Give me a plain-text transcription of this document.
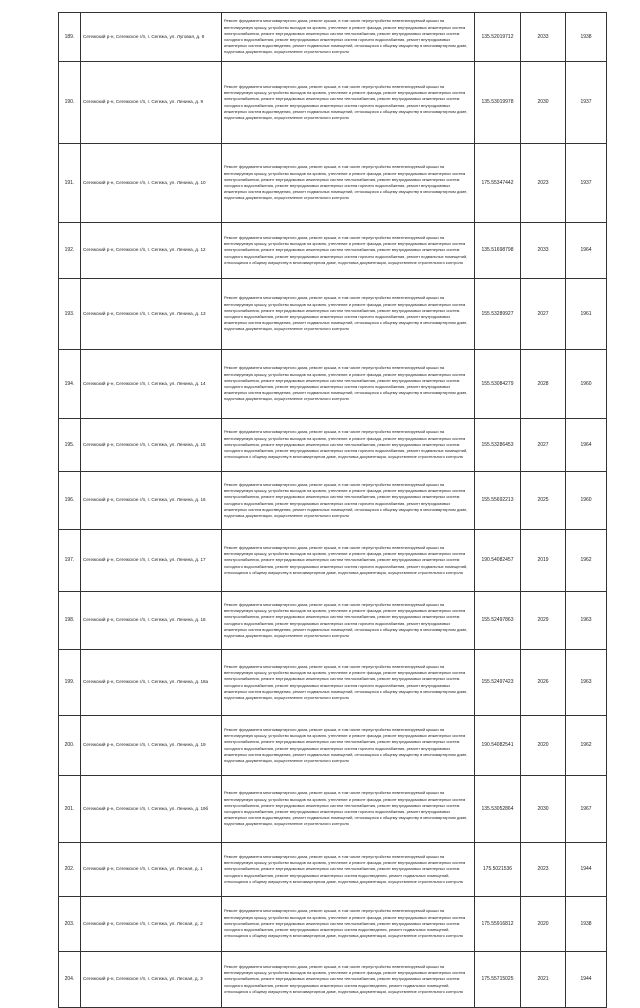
189.	Сегежский р-н, Сегежское г/п, г. Сегежа, ул. Луговая, д. 8	Ремонт фундамента многоквартирного дома, ремонт крыши, в том числе переустройство невентилируемой крыши на вентилируемую крышу, устройство выходов на кровлю, утепление и ремонт фасада, ремонт внутридомовых инженерных систем электроснабжения, ремонт внутридомовых инженерных систем теплоснабжения, ремонт внутридомовых инженерных систем холодного водоснабжения, ремонт внутридомовых инженерных систем горячего водоснабжения, ремонт внутридомовых инженерных систем водоотведения, ремонт подвальных помещений, относящихся к общему имуществу в многоквартирном доме, подготовка документации, осуществление строительного контроля	135.52019712	2033	1938
190.	Сегежский р-н, Сегежское г/п, г. Сегежа, ул. Ленина, д. 9	Ремонт фундамента многоквартирного дома, ремонт крыши, в том числе переустройство невентилируемой крыши на вентилируемую крышу, устройство выходов на кровлю, утепление и ремонт фасада, ремонт внутридомовых инженерных систем электроснабжения, ремонт внутридомовых инженерных систем теплоснабжения, ремонт внутридомовых инженерных систем холодного водоснабжения, ремонт внутридомовых инженерных систем горячего водоснабжения, ремонт внутридомовых инженерных систем водоотведения, ремонт подвальных помещений, относящихся к общему имуществу в многоквартирном доме, подготовка документации, осуществление строительного контроля	135.53019978	2030	1937
191.	Сегежский р-н, Сегежское г/п, г. Сегежа, ул. Ленина, д. 10	Ремонт фундамента многоквартирного дома, ремонт крыши, в том числе переустройство невентилируемой крыши на вентилируемую крышу, устройство выходов на кровлю, утепление и ремонт фасада, ремонт внутридомовых инженерных систем электроснабжения, ремонт внутридомовых инженерных систем теплоснабжения, ремонт внутридомовых инженерных систем холодного водоснабжения, ремонт внутридомовых инженерных систем горячего водоснабжения, ремонт внутридомовых инженерных систем водоотведения, ремонт подвальных помещений, относящихся к общему имуществу в многоквартирном доме, подготовка документации, осуществление строительного контроля	175.55347442	2023	1937
192.	Сегежский р-н, Сегежское г/п, г. Сегежа, ул. Ленина, д. 12	Ремонт фундамента многоквартирного дома, ремонт крыши, в том числе переустройство невентилируемой крыши на вентилируемую крышу, устройство выходов на кровлю, утепление и ремонт фасада, ремонт внутридомовых инженерных систем электроснабжения, ремонт внутридомовых инженерных систем теплоснабжения, ремонт внутридомовых инженерных систем холодного водоснабжения, ремонт внутридомовых инженерных систем горячего водоснабжения, ремонт подвальных помещений, относящихся к общему имуществу в многоквартирном доме, подготовка документации, осуществление строительного контроля	135.51698798	2033	1964
193.	Сегежский р-н, Сегежское г/п, г. Сегежа, ул. Ленина, д. 13	Ремонт фундамента многоквартирного дома, ремонт крыши, в том числе переустройство невентилируемой крыши на вентилируемую крышу, устройство выходов на кровлю, утепление и ремонт фасада, ремонт внутридомовых инженерных систем электроснабжения, ремонт внутридомовых инженерных систем теплоснабжения, ремонт внутридомовых инженерных систем холодного водоснабжения, ремонт внутридомовых инженерных систем горячего водоснабжения, ремонт внутридомовых инженерных систем водоотведения, ремонт подвальных помещений, относящихся к общему имуществу в многоквартирном доме, подготовка документации, осуществление строительного контроля	155.53289927	2027	1961
194.	Сегежский р-н, Сегежское г/п, г. Сегежа, ул. Ленина, д. 14	Ремонт фундамента многоквартирного дома, ремонт крыши, в том числе переустройство невентилируемой крыши на вентилируемую крышу, устройство выходов на кровлю, утепление и ремонт фасада, ремонт внутридомовых инженерных систем электроснабжения, ремонт внутридомовых инженерных систем теплоснабжения, ремонт внутридомовых инженерных систем холодного водоснабжения, ремонт внутридомовых инженерных систем горячего водоснабжения, ремонт внутридомовых инженерных систем водоотведения, ремонт подвальных помещений, относящихся к общему имуществу в многоквартирном доме, подготовка документации, осуществление строительного контроля	155.53084279	2028	1960
195.	Сегежский р-н, Сегежское г/п, г. Сегежа, ул. Ленина, д. 15	Ремонт фундамента многоквартирного дома, ремонт крыши, в том числе переустройство невентилируемой крыши на вентилируемую крышу, устройство выходов на кровлю, утепление и ремонт фасада, ремонт внутридомовых инженерных систем электроснабжения, ремонт внутридомовых инженерных систем теплоснабжения, ремонт внутридомовых инженерных систем холодного водоснабжения, ремонт внутридомовых инженерных систем горячего водоснабжения, ремонт подвальных помещений, относящихся к общему имуществу в многоквартирном доме, подготовка документации, осуществление строительного контроля	155.53286453	2027	1964
196.	Сегежский р-н, Сегежское г/п, г. Сегежа, ул. Ленина, д. 16	Ремонт фундамента многоквартирного дома, ремонт крыши, в том числе переустройство невентилируемой крыши на вентилируемую крышу, устройство выходов на кровлю, утепление и ремонт фасада, ремонт внутридомовых инженерных систем электроснабжения, ремонт внутридомовых инженерных систем теплоснабжения, ремонт внутридомовых инженерных систем холодного водоснабжения, ремонт внутридомовых инженерных систем горячего водоснабжения, ремонт внутридомовых инженерных систем водоотведения, ремонт подвальных помещений, относящихся к общему имуществу в многоквартирном доме, подготовка документации, осуществление строительного контроля	155.55692213	2025	1960
197.	Сегежский р-н, Сегежское г/п, г. Сегежа, ул. Ленина, д. 17	Ремонт фундамента многоквартирного дома, ремонт крыши, в том числе переустройство невентилируемой крыши на вентилируемую крышу, устройство выходов на кровлю, утепление и ремонт фасада, ремонт внутридомовых инженерных систем электроснабжения, ремонт внутридомовых инженерных систем теплоснабжения, ремонт внутридомовых инженерных систем холодного водоснабжения, ремонт внутридомовых инженерных систем горячего водоснабжения, ремонт подвальных помещений, относящихся к общему имуществу в многоквартирном доме, подготовка документации, осуществление строительного контроля	190.54082457	2019	1962
198.	Сегежский р-н, Сегежское г/п, г. Сегежа, ул. Ленина, д. 18	Ремонт фундамента многоквартирного дома, ремонт крыши, в том числе переустройство невентилируемой крыши на вентилируемую крышу, устройство выходов на кровлю, утепление и ремонт фасада, ремонт внутридомовых инженерных систем электроснабжения, ремонт внутридомовых инженерных систем теплоснабжения, ремонт внутридомовых инженерных систем холодного водоснабжения, ремонт внутридомовых инженерных систем горячего водоснабжения, ремонт внутридомовых инженерных систем водоотведения, ремонт подвальных помещений, относящихся к общему имуществу в многоквартирном доме, подготовка документации, осуществление строительного контроля	155.52497863	2029	1963
199.	Сегежский р-н, Сегежское г/п, г. Сегежа, ул. Ленина, д. 18а	Ремонт фундамента многоквартирного дома, ремонт крыши, в том числе переустройство невентилируемой крыши на вентилируемую крышу, устройство выходов на кровлю, утепление и ремонт фасада, ремонт внутридомовых инженерных систем электроснабжения, ремонт внутридомовых инженерных систем теплоснабжения, ремонт внутридомовых инженерных систем холодного водоснабжения, ремонт внутридомовых инженерных систем горячего водоснабжения, ремонт внутридомовых инженерных систем водоотведения, ремонт подвальных помещений, относящихся к общему имуществу в многоквартирном доме, подготовка документации, осуществление строительного контроля	155.52497423	2026	1963
200.	Сегежский р-н, Сегежское г/п, г. Сегежа, ул. Ленина, д. 19	Ремонт фундамента многоквартирного дома, ремонт крыши, в том числе переустройство невентилируемой крыши на вентилируемую крышу, устройство выходов на кровлю, утепление и ремонт фасада, ремонт внутридомовых инженерных систем электроснабжения, ремонт внутридомовых инженерных систем теплоснабжения, ремонт внутридомовых инженерных систем холодного водоснабжения, ремонт внутридомовых инженерных систем горячего водоснабжения, ремонт внутридомовых инженерных систем водоотведения, ремонт подвальных помещений, относящихся к общему имуществу в многоквартирном доме, подготовка документации, осуществление строительного контроля	190.54082541	2020	1962
201.	Сегежский р-н, Сегежское г/п, г. Сегежа, ул. Ленина, д. 19б	Ремонт фундамента многоквартирного дома, ремонт крыши, в том числе переустройство невентилируемой крыши на вентилируемую крышу, устройство выходов на кровлю, утепление и ремонт фасада, ремонт внутридомовых инженерных систем электроснабжения, ремонт внутридомовых инженерных систем теплоснабжения, ремонт внутридомовых инженерных систем холодного водоснабжения, ремонт внутридомовых инженерных систем горячего водоснабжения, ремонт внутридомовых инженерных систем водоотведения, ремонт подвальных помещений, относящихся к общему имуществу в многоквартирном доме, подготовка документации, осуществление строительного контроля	135.53052864	2030	1967
202.	Сегежский р-н, Сегежское г/п, г. Сегежа, ул. Лесная, д. 1	Ремонт фундамента многоквартирного дома, ремонт крыши, в том числе переустройство невентилируемой крыши на вентилируемую крышу, устройство выходов на кровлю, утепление и ремонт фасада, ремонт внутридомовых инженерных систем электроснабжения, ремонт внутридомовых инженерных систем теплоснабжения, ремонт внутридомовых инженерных систем холодного водоснабжения, ремонт внутридомовых инженерных систем водоотведения, ремонт подвальных помещений, относящихся к общему имуществу в многоквартирном доме, подготовка документации, осуществление строительного контроля	175.5021536	2023	1944
203.	Сегежский р-н, Сегежское г/п, г. Сегежа, ул. Лесная, д. 2	Ремонт фундамента многоквартирного дома, ремонт крыши, в том числе переустройство невентилируемой крыши на вентилируемую крышу, устройство выходов на кровлю, утепление и ремонт фасада, ремонт внутридомовых инженерных систем электроснабжения, ремонт внутридомовых инженерных систем теплоснабжения, ремонт внутридомовых инженерных систем холодного водоснабжения, ремонт внутридомовых инженерных систем водоотведения, ремонт подвальных помещений, относящихся к общему имуществу в многоквартирном доме, подготовка документации, осуществление строительного контроля	175.55916812	2020	1938
204.	Сегежский р-н, Сегежское г/п, г. Сегежа, ул. Лесная, д. 3	Ремонт фундамента многоквартирного дома, ремонт крыши, в том числе переустройство невентилируемой крыши на вентилируемую крышу, устройство выходов на кровлю, утепление и ремонт фасада, ремонт внутридомовых инженерных систем электроснабжения, ремонт внутридомовых инженерных систем теплоснабжения, ремонт внутридомовых инженерных систем холодного водоснабжения, ремонт внутридомовых инженерных систем водоотведения, ремонт подвальных помещений, относящихся к общему имуществу в многоквартирном доме, подготовка документации, осуществление строительного контроля	175.55715025	2021	1944
